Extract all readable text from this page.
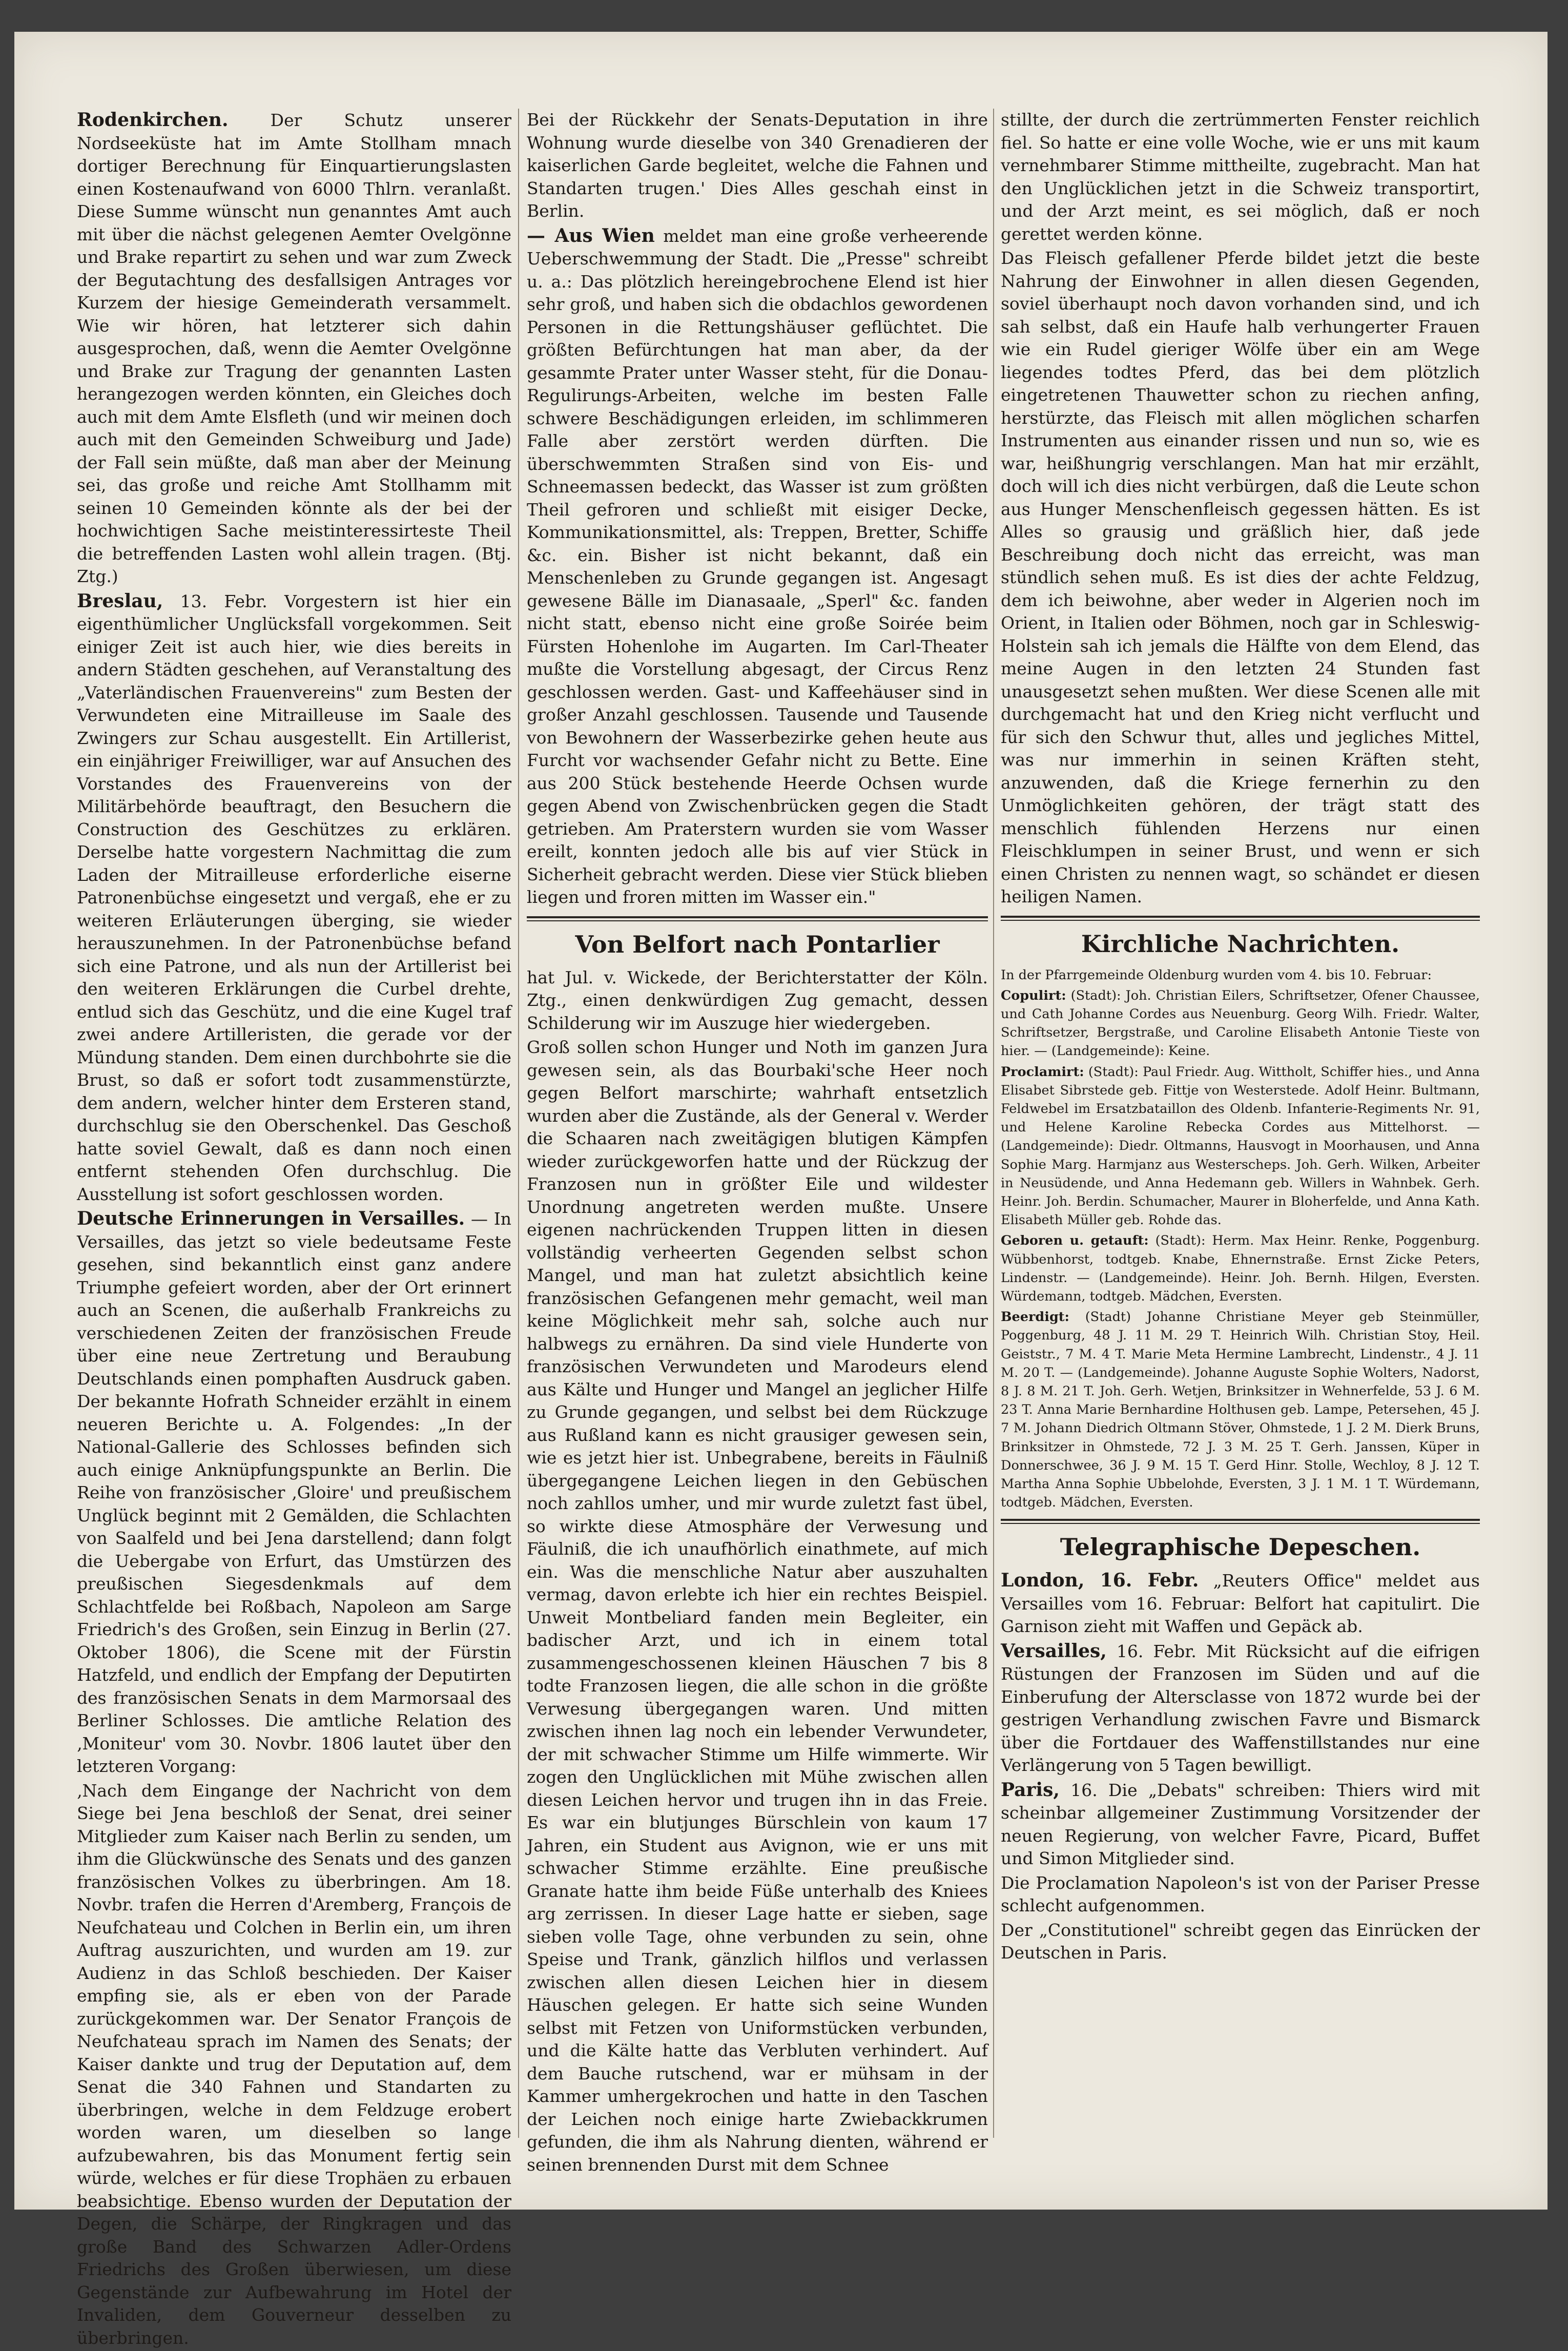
Rodenkirchen. Der Schutz unserer Nordseeküste hat im Amte Stollham mnach dortiger Berechnung für Einquartierungslasten einen Kostenaufwand von 6000 Thlrn. veranlaßt. Diese Summe wünscht nun genanntes Amt auch mit über die nächst gelegenen Aemter Ovelgönne und Brake repartirt zu sehen und war zum Zweck der Begutachtung des desfallsigen Antrages vor Kurzem der hiesige Gemeinderath versammelt. Wie wir hören, hat letzterer sich dahin ausgesprochen, daß, wenn die Aemter Ovelgönne und Brake zur Tragung der genannten Lasten herangezogen werden könnten, ein Gleiches doch auch mit dem Amte Elsfleth (und wir meinen doch auch mit den Gemeinden Schweiburg und Jade) der Fall sein müßte, daß man aber der Meinung sei, das große und reiche Amt Stollhamm mit seinen 10 Gemeinden könnte als der bei der hochwichtigen Sache meistinteressirteste Theil die betreffenden Lasten wohl allein tragen. (Btj. Ztg.)

Breslau, 13. Febr. Vorgestern ist hier ein eigenthümlicher Unglücksfall vorgekommen. Seit einiger Zeit ist auch hier, wie dies bereits in andern Städten geschehen, auf Veranstaltung des „Vaterländischen Frauenvereins" zum Besten der Verwundeten eine Mitrailleuse im Saale des Zwingers zur Schau ausgestellt. Ein Artillerist, ein einjähriger Freiwilliger, war auf Ansuchen des Vorstandes des Frauenvereins von der Militärbehörde beauftragt, den Besuchern die Construction des Geschützes zu erklären. Derselbe hatte vorgestern Nachmittag die zum Laden der Mitrailleuse erforderliche eiserne Patronenbüchse eingesetzt und vergaß, ehe er zu weiteren Erläuterungen überging, sie wieder herauszunehmen. In der Patronenbüchse befand sich eine Patrone, und als nun der Artillerist bei den weiteren Erklärungen die Curbel drehte, entlud sich das Geschütz, und die eine Kugel traf zwei andere Artilleristen, die gerade vor der Mündung standen. Dem einen durchbohrte sie die Brust, so daß er sofort todt zusammenstürzte, dem andern, welcher hinter dem Ersteren stand, durchschlug sie den Oberschenkel. Das Geschoß hatte soviel Gewalt, daß es dann noch einen entfernt stehenden Ofen durchschlug. Die Ausstellung ist sofort geschlossen worden.

Deutsche Erinnerungen in Versailles. — In Versailles, das jetzt so viele bedeutsame Feste gesehen, sind bekanntlich einst ganz andere Triumphe gefeiert worden, aber der Ort erinnert auch an Scenen, die außerhalb Frankreichs zu verschiedenen Zeiten der französischen Freude über eine neue Zertretung und Beraubung Deutschlands einen pomphaften Ausdruck gaben. Der bekannte Hofrath Schneider erzählt in einem neueren Berichte u. A. Folgendes: „In der National-Gallerie des Schlosses befinden sich auch einige Anknüpfungspunkte an Berlin. Die Reihe von französischer ‚Gloire' und preußischem Unglück beginnt mit 2 Gemälden, die Schlachten von Saalfeld und bei Jena darstellend; dann folgt die Uebergabe von Erfurt, das Umstürzen des preußischen Siegesdenkmals auf dem Schlachtfelde bei Roßbach, Napoleon am Sarge Friedrich's des Großen, sein Einzug in Berlin (27. Oktober 1806), die Scene mit der Fürstin Hatzfeld, und endlich der Empfang der Deputirten des französischen Senats in dem Marmorsaal des Berliner Schlosses. Die amtliche Relation des ‚Moniteur' vom 30. Novbr. 1806 lautet über den letzteren Vorgang:

‚Nach dem Eingange der Nachricht von dem Siege bei Jena beschloß der Senat, drei seiner Mitglieder zum Kaiser nach Berlin zu senden, um ihm die Glückwünsche des Senats und des ganzen französischen Volkes zu überbringen. Am 18. Novbr. trafen die Herren d'Aremberg, François de Neufchateau und Colchen in Berlin ein, um ihren Auftrag auszurichten, und wurden am 19. zur Audienz in das Schloß beschieden. Der Kaiser empfing sie, als er eben von der Parade zurückgekommen war. Der Senator François de Neufchateau sprach im Namen des Senats; der Kaiser dankte und trug der Deputation auf, dem Senat die 340 Fahnen und Standarten zu überbringen, welche in dem Feldzuge erobert worden waren, um dieselben so lange aufzubewahren, bis das Monument fertig sein würde, welches er für diese Trophäen zu erbauen beabsichtige. Ebenso wurden der Deputation der Degen, die Schärpe, der Ringkragen und das große Band des Schwarzen Adler-Ordens Friedrichs des Großen überwiesen, um diese Gegenstände zur Aufbewahrung im Hotel der Invaliden, dem Gouverneur desselben zu überbringen.

Bei der Rückkehr der Senats-Deputation in ihre Wohnung wurde dieselbe von 340 Grenadieren der kaiserlichen Garde begleitet, welche die Fahnen und Standarten trugen.' Dies Alles geschah einst in Berlin.

— Aus Wien meldet man eine große verheerende Ueberschwemmung der Stadt. Die „Presse" schreibt u. a.: Das plötzlich hereingebrochene Elend ist hier sehr groß, und haben sich die obdachlos gewordenen Personen in die Rettungshäuser geflüchtet. Die größten Befürchtungen hat man aber, da der gesammte Prater unter Wasser steht, für die Donau-Regulirungs-Arbeiten, welche im besten Falle schwere Beschädigungen erleiden, im schlimmeren Falle aber zerstört werden dürften. Die überschwemmten Straßen sind von Eis- und Schneemassen bedeckt, das Wasser ist zum größten Theil gefroren und schließt mit eisiger Decke, Kommunikationsmittel, als: Treppen, Bretter, Schiffe &c. ein. Bisher ist nicht bekannt, daß ein Menschenleben zu Grunde gegangen ist. Angesagt gewesene Bälle im Dianasaale, „Sperl" &c. fanden nicht statt, ebenso nicht eine große Soirée beim Fürsten Hohenlohe im Augarten. Im Carl-Theater mußte die Vorstellung abgesagt, der Circus Renz geschlossen werden. Gast- und Kaffeehäuser sind in großer Anzahl geschlossen. Tausende und Tausende von Bewohnern der Wasserbezirke gehen heute aus Furcht vor wachsender Gefahr nicht zu Bette. Eine aus 200 Stück bestehende Heerde Ochsen wurde gegen Abend von Zwischenbrücken gegen die Stadt getrieben. Am Praterstern wurden sie vom Wasser ereilt, konnten jedoch alle bis auf vier Stück in Sicherheit gebracht werden. Diese vier Stück blieben liegen und froren mitten im Wasser ein."

Von Belfort nach Pontarlier

hat Jul. v. Wickede, der Berichterstatter der Köln. Ztg., einen denkwürdigen Zug gemacht, dessen Schilderung wir im Auszuge hier wiedergeben.

Groß sollen schon Hunger und Noth im ganzen Jura gewesen sein, als das Bourbaki'sche Heer noch gegen Belfort marschirte; wahrhaft entsetzlich wurden aber die Zustände, als der General v. Werder die Schaaren nach zweitägigen blutigen Kämpfen wieder zurückgeworfen hatte und der Rückzug der Franzosen nun in größter Eile und wildester Unordnung angetreten werden mußte. Unsere eigenen nachrückenden Truppen litten in diesen vollständig verheerten Gegenden selbst schon Mangel, und man hat zuletzt absichtlich keine französischen Gefangenen mehr gemacht, weil man keine Möglichkeit mehr sah, solche auch nur halbwegs zu ernähren. Da sind viele Hunderte von französischen Verwundeten und Marodeurs elend aus Kälte und Hunger und Mangel an jeglicher Hilfe zu Grunde gegangen, und selbst bei dem Rückzuge aus Rußland kann es nicht grausiger gewesen sein, wie es jetzt hier ist. Unbegrabene, bereits in Fäulniß übergegangene Leichen liegen in den Gebüschen noch zahllos umher, und mir wurde zuletzt fast übel, so wirkte diese Atmosphäre der Verwesung und Fäulniß, die ich unaufhörlich einathmete, auf mich ein. Was die menschliche Natur aber auszuhalten vermag, davon erlebte ich hier ein rechtes Beispiel. Unweit Montbeliard fanden mein Begleiter, ein badischer Arzt, und ich in einem total zusammengeschossenen kleinen Häuschen 7 bis 8 todte Franzosen liegen, die alle schon in die größte Verwesung übergegangen waren. Und mitten zwischen ihnen lag noch ein lebender Verwundeter, der mit schwacher Stimme um Hilfe wimmerte. Wir zogen den Unglücklichen mit Mühe zwischen allen diesen Leichen hervor und trugen ihn in das Freie. Es war ein blutjunges Bürschlein von kaum 17 Jahren, ein Student aus Avignon, wie er uns mit schwacher Stimme erzählte. Eine preußische Granate hatte ihm beide Füße unterhalb des Kniees arg zerrissen. In dieser Lage hatte er sieben, sage sieben volle Tage, ohne verbunden zu sein, ohne Speise und Trank, gänzlich hilflos und verlassen zwischen allen diesen Leichen hier in diesem Häuschen gelegen. Er hatte sich seine Wunden selbst mit Fetzen von Uniformstücken verbunden, und die Kälte hatte das Verbluten verhindert. Auf dem Bauche rutschend, war er mühsam in der Kammer umhergekrochen und hatte in den Taschen der Leichen noch einige harte Zwiebackkrumen gefunden, die ihm als Nahrung dienten, während er seinen brennenden Durst mit dem Schnee

stillte, der durch die zertrümmerten Fenster reichlich fiel. So hatte er eine volle Woche, wie er uns mit kaum vernehmbarer Stimme mittheilte, zugebracht. Man hat den Unglücklichen jetzt in die Schweiz transportirt, und der Arzt meint, es sei möglich, daß er noch gerettet werden könne.

Das Fleisch gefallener Pferde bildet jetzt die beste Nahrung der Einwohner in allen diesen Gegenden, soviel überhaupt noch davon vorhanden sind, und ich sah selbst, daß ein Haufe halb verhungerter Frauen wie ein Rudel gieriger Wölfe über ein am Wege liegendes todtes Pferd, das bei dem plötzlich eingetretenen Thauwetter schon zu riechen anfing, herstürzte, das Fleisch mit allen möglichen scharfen Instrumenten aus einander rissen und nun so, wie es war, heißhungrig verschlangen. Man hat mir erzählt, doch will ich dies nicht verbürgen, daß die Leute schon aus Hunger Menschenfleisch gegessen hätten. Es ist Alles so grausig und gräßlich hier, daß jede Beschreibung doch nicht das erreicht, was man stündlich sehen muß. Es ist dies der achte Feldzug, dem ich beiwohne, aber weder in Algerien noch im Orient, in Italien oder Böhmen, noch gar in Schleswig-Holstein sah ich jemals die Hälfte von dem Elend, das meine Augen in den letzten 24 Stunden fast unausgesetzt sehen mußten. Wer diese Scenen alle mit durchgemacht hat und den Krieg nicht verflucht und für sich den Schwur thut, alles und jegliches Mittel, was nur immerhin in seinen Kräften steht, anzuwenden, daß die Kriege fernerhin zu den Unmöglichkeiten gehören, der trägt statt des menschlich fühlenden Herzens nur einen Fleischklumpen in seiner Brust, und wenn er sich einen Christen zu nennen wagt, so schändet er diesen heiligen Namen.

Kirchliche Nachrichten.

In der Pfarrgemeinde Oldenburg wurden vom 4. bis 10. Februar:

Copulirt: (Stadt): Joh. Christian Eilers, Schriftsetzer, Ofener Chaussee, und Cath Johanne Cordes aus Neuenburg. Georg Wilh. Friedr. Walter, Schriftsetzer, Bergstraße, und Caroline Elisabeth Antonie Tieste von hier. — (Landgemeinde): Keine.

Proclamirt: (Stadt): Paul Friedr. Aug. Wittholt, Schiffer hies., und Anna Elisabet Sibrstede geb. Fittje von Westerstede. Adolf Heinr. Bultmann, Feldwebel im Ersatzbataillon des Oldenb. Infanterie-Regiments Nr. 91, und Helene Karoline Rebecka Cordes aus Mittelhorst. — (Landgemeinde): Diedr. Oltmanns, Hausvogt in Moorhausen, und Anna Sophie Marg. Harmjanz aus Westerscheps. Joh. Gerh. Wilken, Arbeiter in Neusüdende, und Anna Hedemann geb. Willers in Wahnbek. Gerh. Heinr. Joh. Berdin. Schumacher, Maurer in Bloherfelde, und Anna Kath. Elisabeth Müller geb. Rohde das.

Geboren u. getauft: (Stadt): Herm. Max Heinr. Renke, Poggenburg. Wübbenhorst, todtgeb. Knabe, Ehnernstraße. Ernst Zicke Peters, Lindenstr. — (Landgemeinde). Heinr. Joh. Bernh. Hilgen, Eversten. Würdemann, todtgeb. Mädchen, Eversten.

Beerdigt: (Stadt) Johanne Christiane Meyer geb Steinmüller, Poggenburg, 48 J. 11 M. 29 T. Heinrich Wilh. Christian Stoy, Heil. Geiststr., 7 M. 4 T. Marie Meta Hermine Lambrecht, Lindenstr., 4 J. 11 M. 20 T. — (Landgemeinde). Johanne Auguste Sophie Wolters, Nadorst, 8 J. 8 M. 21 T. Joh. Gerh. Wetjen, Brinksitzer in Wehnerfelde, 53 J. 6 M. 23 T. Anna Marie Bernhardine Holthusen geb. Lampe, Petersehen, 45 J. 7 M. Johann Diedrich Oltmann Stöver, Ohmstede, 1 J. 2 M. Dierk Bruns, Brinksitzer in Ohmstede, 72 J. 3 M. 25 T. Gerh. Janssen, Küper in Donnerschwee, 36 J. 9 M. 15 T. Gerd Hinr. Stolle, Wechloy, 8 J. 12 T. Martha Anna Sophie Ubbelohde, Eversten, 3 J. 1 M. 1 T. Würdemann, todtgeb. Mädchen, Eversten.

Telegraphische Depeschen.

London, 16. Febr. „Reuters Office" meldet aus Versailles vom 16. Februar: Belfort hat capitulirt. Die Garnison zieht mit Waffen und Gepäck ab.

Versailles, 16. Febr. Mit Rücksicht auf die eifrigen Rüstungen der Franzosen im Süden und auf die Einberufung der Altersclasse von 1872 wurde bei der gestrigen Verhandlung zwischen Favre und Bismarck über die Fortdauer des Waffenstillstandes nur eine Verlängerung von 5 Tagen bewilligt.

Paris, 16. Die „Debats" schreiben: Thiers wird mit scheinbar allgemeiner Zustimmung Vorsitzender der neuen Regierung, von welcher Favre, Picard, Buffet und Simon Mitglieder sind.

Die Proclamation Napoleon's ist von der Pariser Presse schlecht aufgenommen.

Der „Constitutionel" schreibt gegen das Einrücken der Deutschen in Paris.
